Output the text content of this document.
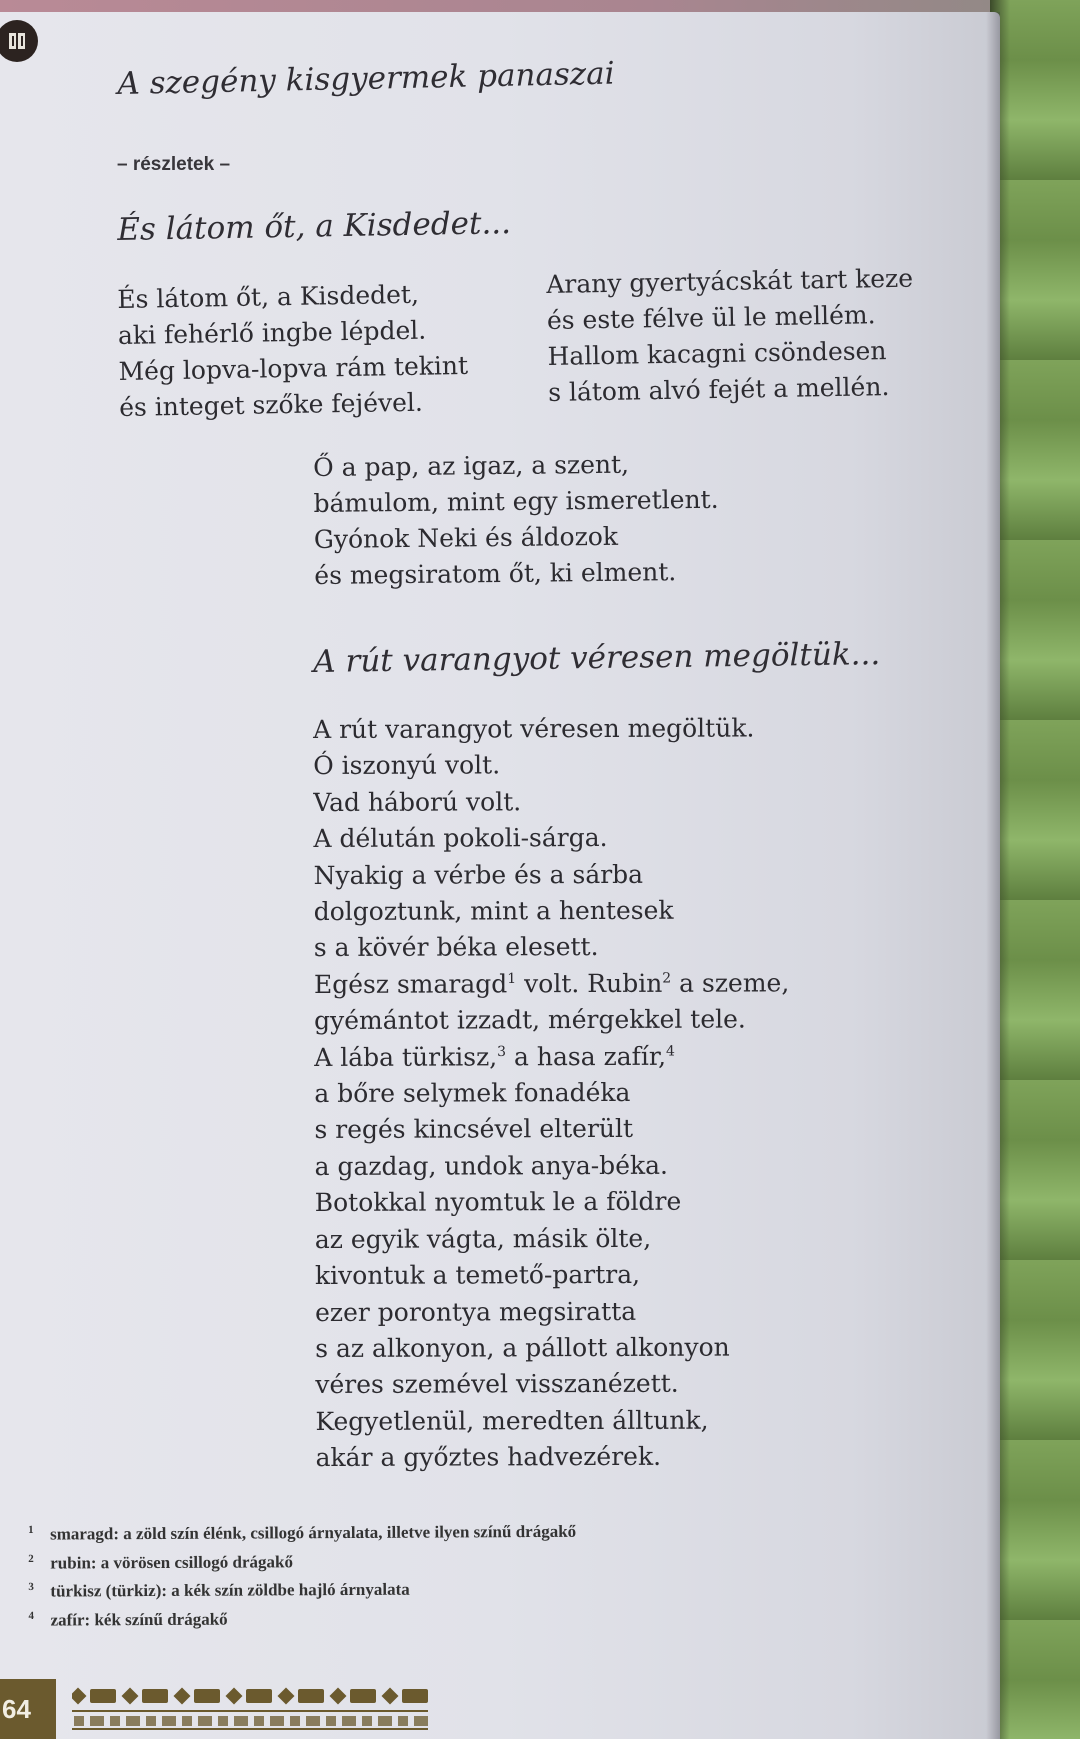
A szegény kisgyermek panaszai
– részletek –
És látom őt, a Kisdedet...
És látom őt, a Kisdedet,
aki fehérlő ingbe lépdel.
Még lopva-lopva rám tekint
és integet szőke fejével.
Arany gyertyácskát tart keze
és este félve ül le mellém.
Hallom kacagni csöndesen
s látom alvó fejét a mellén.
Ő a pap, az igaz, a szent,
bámulom, mint egy ismeretlent.
Gyónok Neki és áldozok
és megsiratom őt, ki elment.
A rút varangyot véresen megöltük...
A rút varangyot véresen megöltük.
Ó iszonyú volt.
Vad háború volt.
A délután pokoli-sárga.
Nyakig a vérbe és a sárba
dolgoztunk, mint a hentesek
s a kövér béka elesett.
Egész smaragd$^1$ volt. Rubin$^2$ a szeme,
gyémántot izzadt, mérgekkel tele.
A lába türkisz,$^3$ a hasa zafír,$^4$
a bőre selymek fonadéka
s regés kincsével elterült
a gazdag, undok anya-béka.
Botokkal nyomtuk le a földre
az egyik vágta, másik ölte,
kivontuk a temető-partra,
ezer porontya megsiratta
s az alkonyon, a pállott alkonyon
véres szemével visszanézett.
Kegyetlenül, meredten álltunk,
akár a győztes hadvezérek.
1 smaragd: a zöld szín élénk, csillogó árnyalata, illetve ilyen színű drágakő
2 rubin: a vörösen csillogó drágakő
3 türkisz (türkiz): a kék szín zöldbe hajló árnyalata
4 zafír: kék színű drágakő
64
